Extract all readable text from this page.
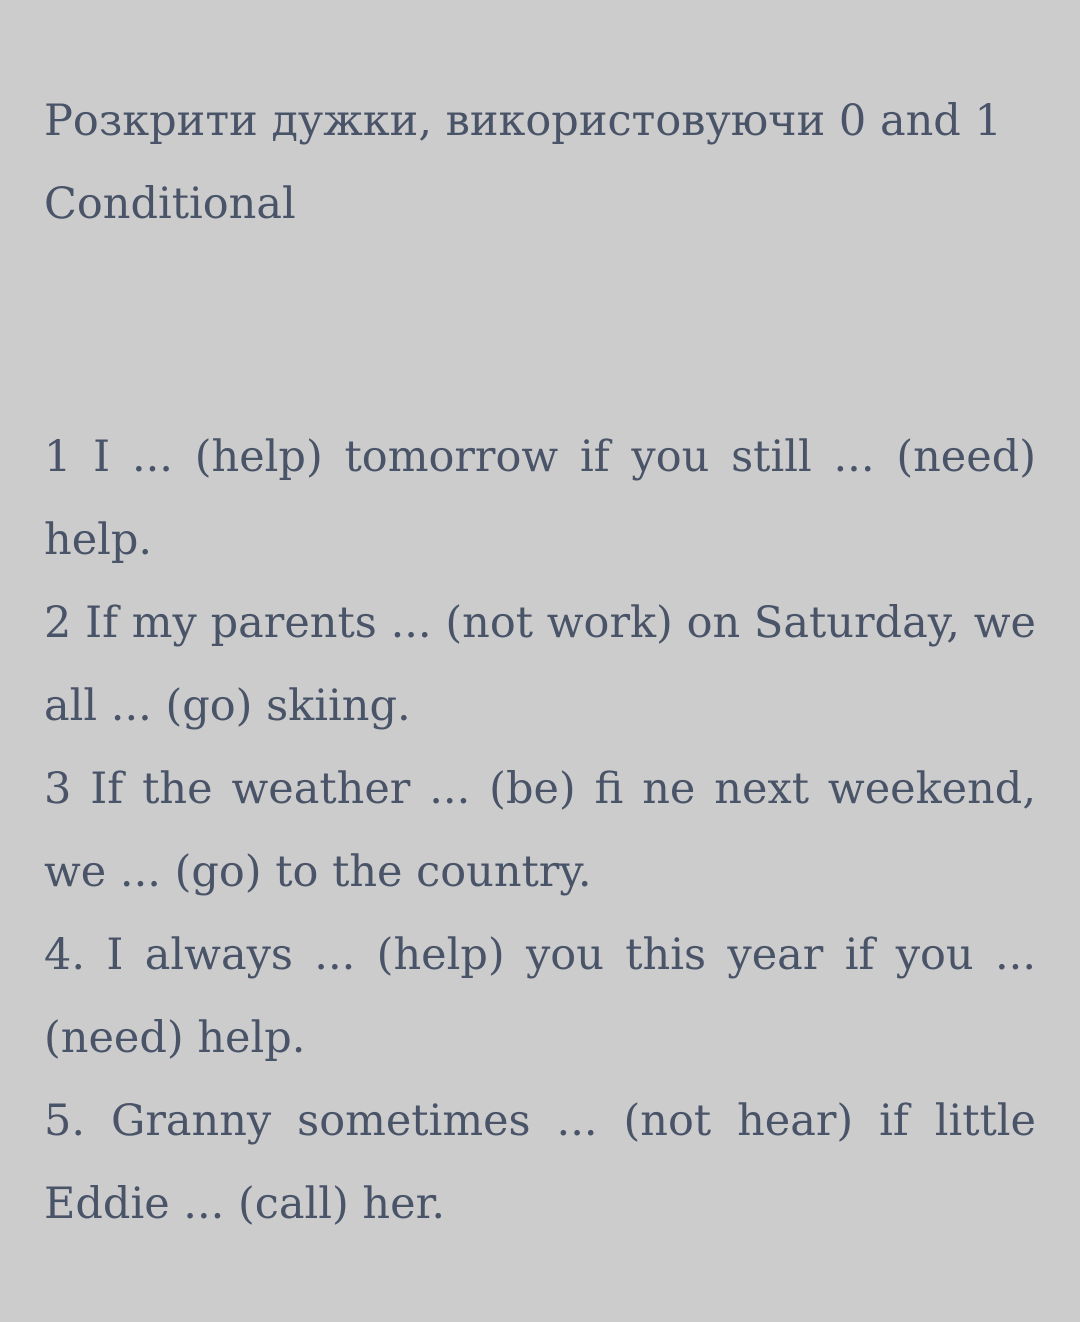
Розкрити дужки, використовуючи 0 and 1 Conditional
1 I ... (help) tomorrow if you still ... (need) help.
2 If my parents ... (not work) on Saturday, we all ... (go) skiing.
3 If the weather ... (be) fi ne next weekend, we ... (go) to the country.
4. I always ... (help) you this year if you ... (need) help.
5. Granny sometimes ... (not hear) if little Eddie ... (call) her.
